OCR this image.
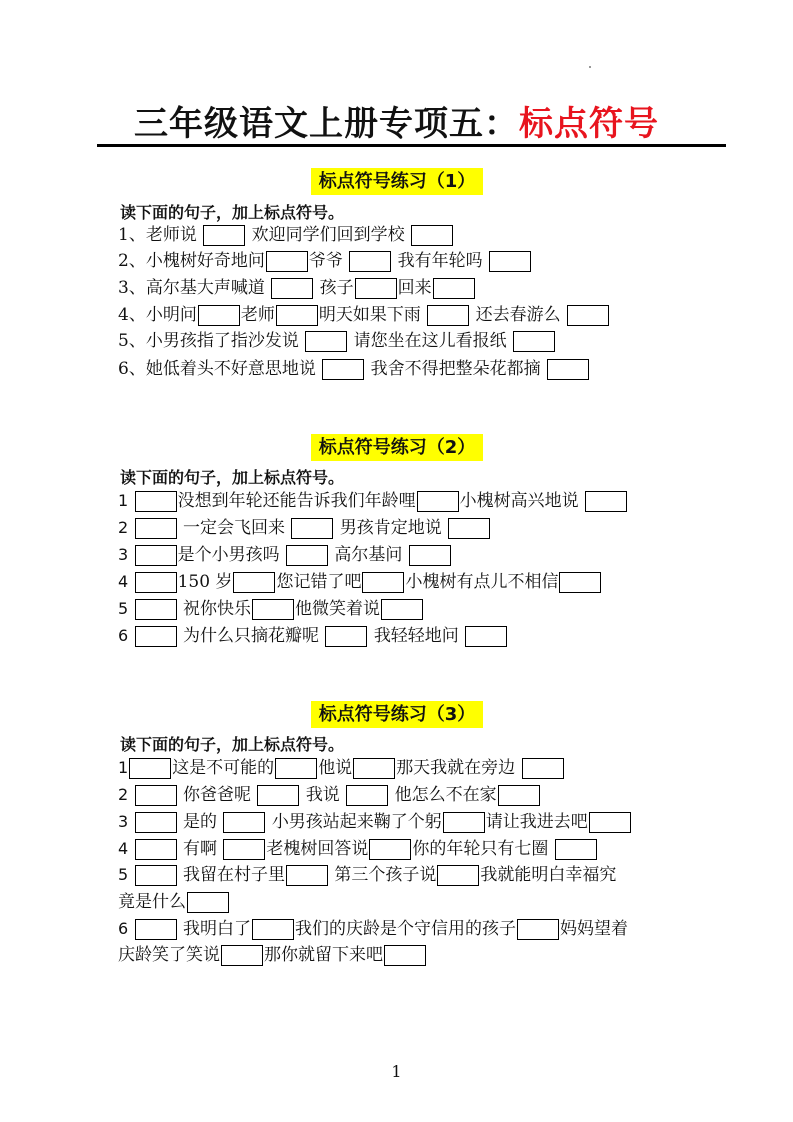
三年级语文上册专项五：标点符号
标点符号练习（1）
读下面的句子，加上标点符号。
1、老师说	欢迎同学们回到学校
2、小槐树好奇地问	爷爷	我有年轮吗
3、高尔基大声喊道	孩子	回来
4、小明问	老师	明天如果下雨	还去春游么
5、小男孩指了指沙发说	请您坐在这儿看报纸
6、她低着头不好意思地说	我舍不得把整朵花都摘
标点符号练习（2）
读下面的句子，加上标点符号。
1	没想到年轮还能告诉我们年龄哩	小槐树高兴地说
2	一定会飞回来	男孩肯定地说
3	是个小男孩吗	高尔基问
4	150 岁	您记错了吧	小槐树有点儿不相信
5	祝你快乐	他微笑着说
6	为什么只摘花瓣呢	我轻轻地问
标点符号练习（3）
读下面的句子，加上标点符号。
1	这是不可能的	他说	那天我就在旁边
2	你爸爸呢	我说	他怎么不在家
3	是的	小男孩站起来鞠了个躬	请让我进去吧
4	有啊	老槐树回答说	你的年轮只有七圈
5	我留在村子里	第三个孩子说	我就能明白幸福究
竟是什么
6	我明白了	我们的庆龄是个守信用的孩子	妈妈望着
庆龄笑了笑说	那你就留下来吧
1
